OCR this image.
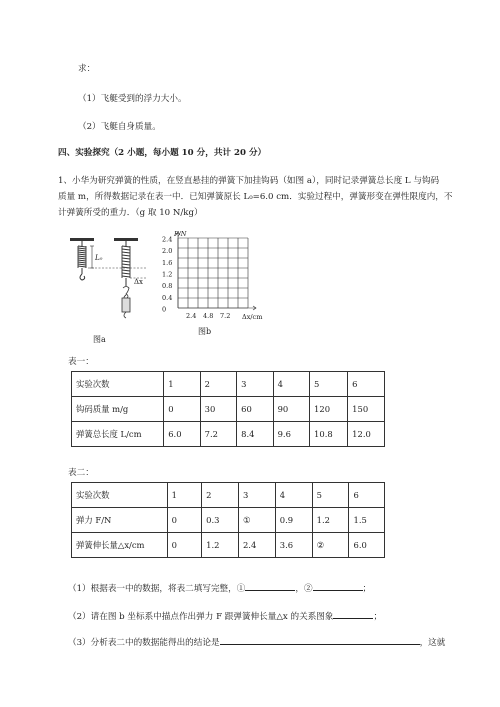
求：
（1）飞艇受到的浮力大小。
（2）飞艇自身质量。
四、实验探究（2 小题，每小题 10 分，共计 20 分）
1、小华为研究弹簧的性质，在竖直悬挂的弹簧下加挂钩码（如图 a），同时记录弹簧总长度 L 与钩码
质量 m，所得数据记录在表一中．已知弹簧原长 L₀=6.0 cm．实验过程中，弹簧形变在弹性限度内，不
计弹簧所受的重力．（g 取 10 N/kg）
L₀
Δx
图a
2.4
2.0
1.6
1.2
0.8
0.4
0
2.4 4.8 7.2
F/N
Δx/cm
图b
表一：
实验次数	1	2	3	4	5	6
钩码质量 m/g	0	30	60	90	120	150
弹簧总长度 L/cm	6.0	7.2	8.4	9.6	10.8	12.0
表二：
实验次数	1	2	3	4	5	6
弹力 F/N	0	0.3	①	0.9	1.2	1.5
弹簧伸长量△x/cm	0	1.2	2.4	3.6	②	6.0
（1）根据表一中的数据，将表二填写完整，①	，②	；
（2）请在图 b 坐标系中描点作出弹力 F 跟弹簧伸长量△x 的关系图象	；
（3）分析表二中的数据能得出的结论是	，这就
